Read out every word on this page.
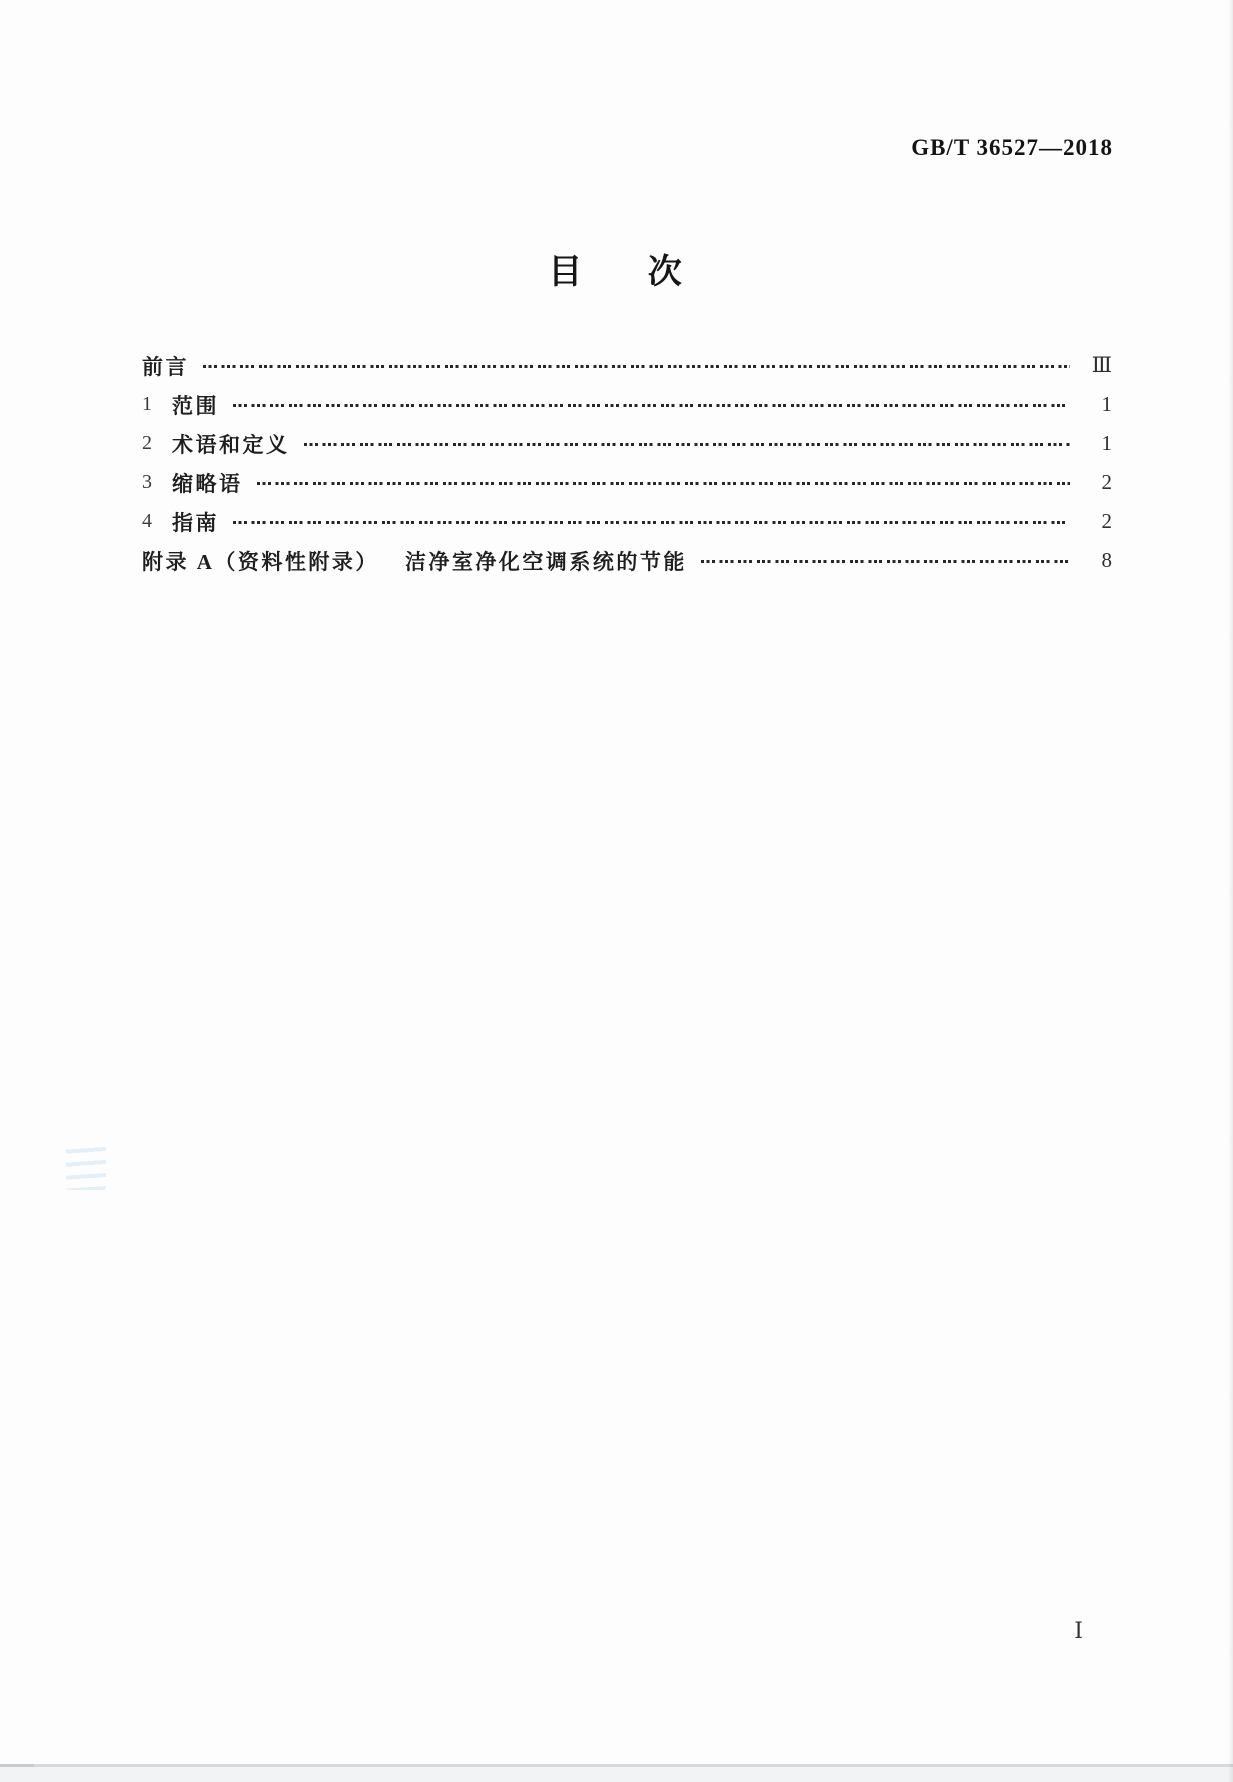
GB/T 36527—2018
目 次
前言	Ⅲ
1 范围	1
2 术语和定义	1
3 缩略语	2
4 指南	2
附录 A（资料性附录） 洁净室净化空调系统的节能	8
Ⅰ
